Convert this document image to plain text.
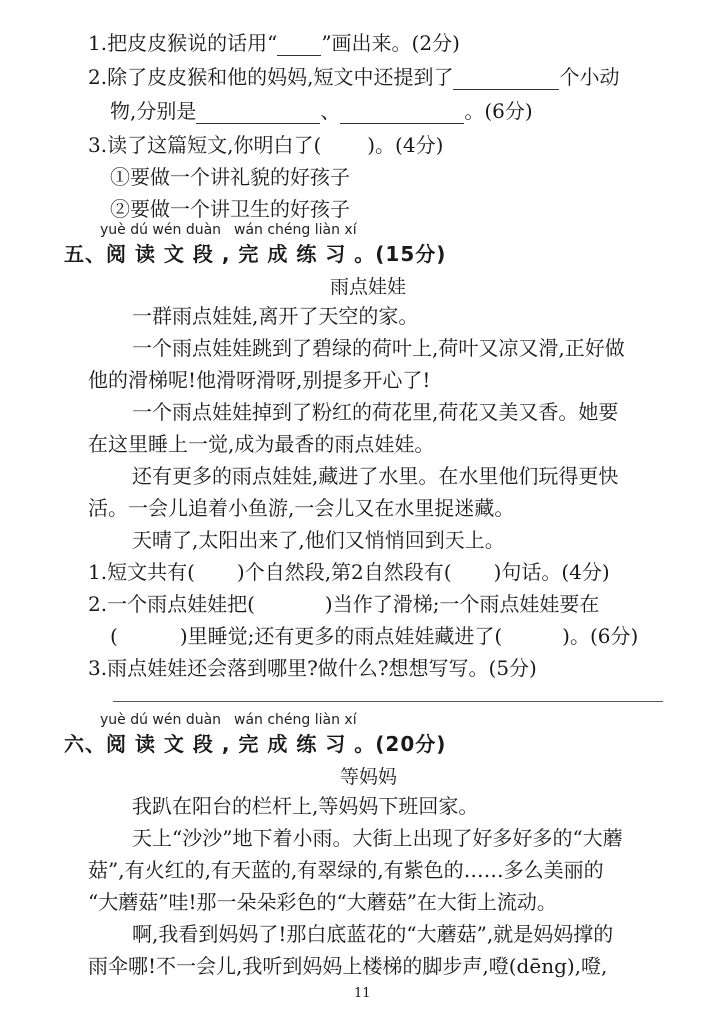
1.把皮皮猴说的话用“ ”画出来。(2分)
2.除了皮皮猴和他的妈妈,短文中还提到了	个小动
物,分别是	、	。(6分)
3.读了这篇短文,你明白了( )。(4分)
①要做一个讲礼貌的好孩子
②要做一个讲卫生的好孩子
yuè dú wén duàn wán chéng liàn xí
五、阅 读 文 段 , 完 成 练 习 。(15分)
雨点娃娃
一群雨点娃娃,离开了天空的家。
一个雨点娃娃跳到了碧绿的荷叶上,荷叶又凉又滑,正好做
他的滑梯呢!他滑呀滑呀,别提多开心了!
一个雨点娃娃掉到了粉红的荷花里,荷花又美又香。她要
在这里睡上一觉,成为最香的雨点娃娃。
还有更多的雨点娃娃,藏进了水里。在水里他们玩得更快
活。一会儿追着小鱼游,一会儿又在水里捉迷藏。
天晴了,太阳出来了,他们又悄悄回到天上。
1.短文共有( )个自然段,第2自然段有( )句话。(4分)
2.一个雨点娃娃把(	)当作了滑梯;一个雨点娃娃要在
(	)里睡觉;还有更多的雨点娃娃藏进了(	)。(6分)
3.雨点娃娃还会落到哪里?做什么?想想写写。(5分)
yuè dú wén duàn wán chéng liàn xí
六、阅 读 文 段 , 完 成 练 习 。(20分)
等妈妈
我趴在阳台的栏杆上,等妈妈下班回家。
天上“沙沙”地下着小雨。大街上出现了好多好多的“大蘑
菇”,有火红的,有天蓝的,有翠绿的,有紫色的……多么美丽的
“大蘑菇”哇!那一朵朵彩色的“大蘑菇”在大街上流动。
啊,我看到妈妈了!那白底蓝花的“大蘑菇”,就是妈妈撑的
雨伞哪!不一会儿,我听到妈妈上楼梯的脚步声,噔(dēng),噔,
11
